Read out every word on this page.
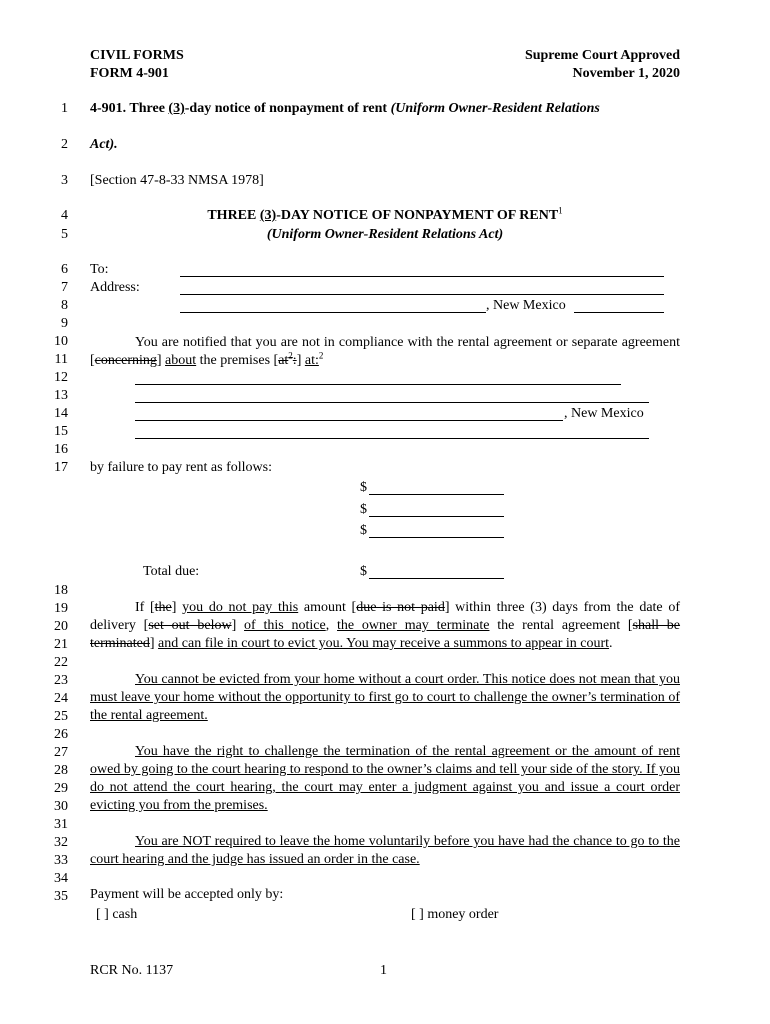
CIVIL FORMS
FORM 4-901
Supreme Court Approved
November 1, 2020
1
2
3
4
5
6
7
8
9
10
11
12
13
14
15
16
17
18
19
20
21
22
23
24
25
26
27
28
29
30
31
32
33
34
35
4-901. Three (3)-day notice of nonpayment of rent (Uniform Owner-Resident Relations
Act).
[Section 47-8-33 NMSA 1978]
THREE (3)-DAY NOTICE OF NONPAYMENT OF RENT$^1$
(Uniform Owner-Resident Relations Act)
To:
Address:
, New Mexico
You are notified that you are not in compliance with the rental agreement or separate agreement [concerning] about the premises $[at^2:]$ at:$^2$
, New Mexico
by failure to pay rent as follows:
$
$
$
Total due:	$
If [the] you do not pay this amount [due is not paid] within three (3) days from the date of delivery [set out below] of this notice, the owner may terminate the rental agreement [shall be terminated] and can file in court to evict you. You may receive a summons to appear in court.
You cannot be evicted from your home without a court order. This notice does not mean that you must leave your home without the opportunity to first go to court to challenge the owner’s termination of the rental agreement.
You have the right to challenge the termination of the rental agreement or the amount of rent owed by going to the court hearing to respond to the owner’s claims and tell your side of the story. If you do not attend the court hearing, the court may enter a judgment against you and issue a court order evicting you from the premises.
You are NOT required to leave the home voluntarily before you have had the chance to go to the court hearing and the judge has issued an order in the case.
Payment will be accepted only by:
[ ] cash	[ ] money order
RCR No. 1137	1
